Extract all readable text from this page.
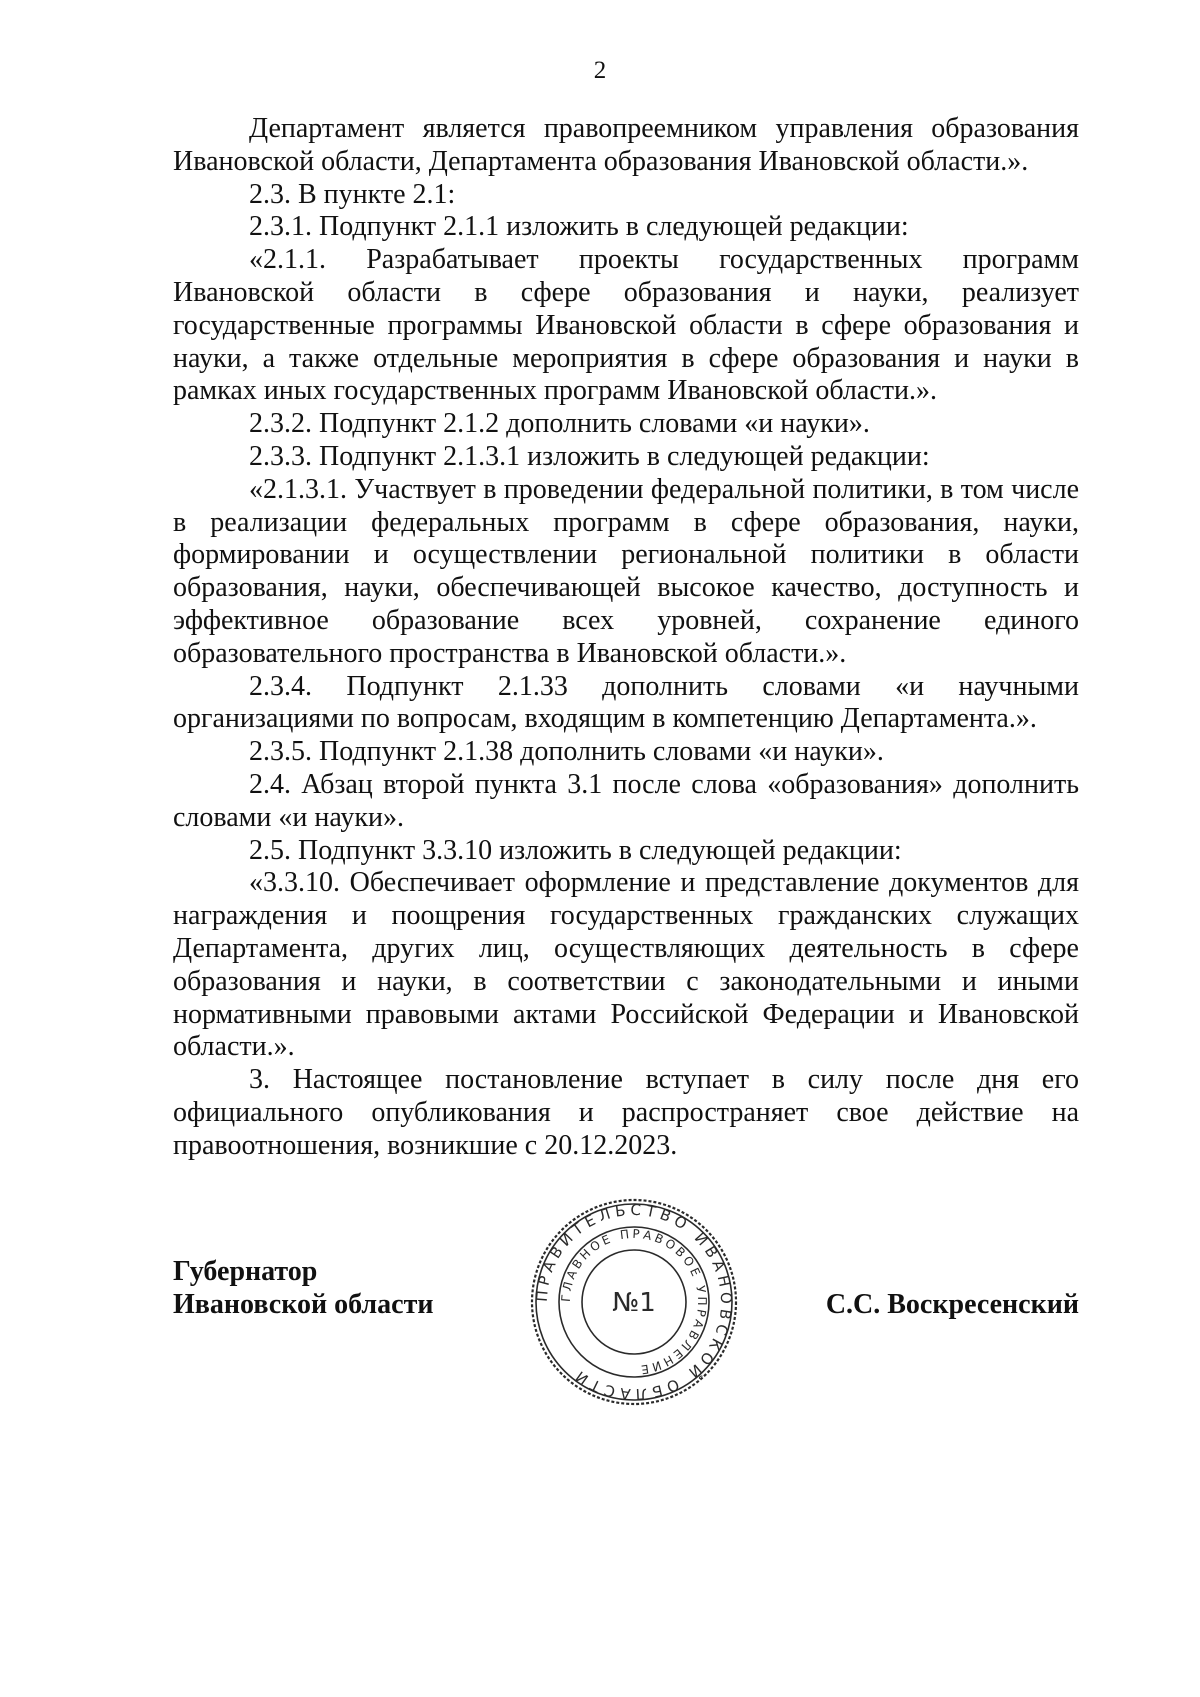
2

Департамент является правопреемником управления образования Ивановской области, Департамента образования Ивановской области.».

2.3. В пункте 2.1:

2.3.1. Подпункт 2.1.1 изложить в следующей редакции:

«2.1.1. Разрабатывает проекты государственных программ Ивановской области в сфере образования и науки, реализует государственные программы Ивановской области в сфере образования и науки, а также отдельные мероприятия в сфере образования и науки в рамках иных государственных программ Ивановской области.».

2.3.2. Подпункт 2.1.2 дополнить словами «и науки».

2.3.3. Подпункт 2.1.3.1 изложить в следующей редакции:

«2.1.3.1. Участвует в проведении федеральной политики, в том числе в реализации федеральных программ в сфере образования, науки, формировании и осуществлении региональной политики в области образования, науки, обеспечивающей высокое качество, доступность и эффективное образование всех уровней, сохранение единого образовательного пространства в Ивановской области.».

2.3.4. Подпункт 2.1.33 дополнить словами «и научными организациями по вопросам, входящим в компетенцию Департамента.».

2.3.5. Подпункт 2.1.38 дополнить словами «и науки».

2.4. Абзац второй пункта 3.1 после слова «образования» дополнить словами «и науки».

2.5. Подпункт 3.3.10 изложить в следующей редакции:

«3.3.10. Обеспечивает оформление и представление документов для награждения и поощрения государственных гражданских служащих Департамента, других лиц, осуществляющих деятельность в сфере образования и науки, в соответствии с законодательными и иными нормативными правовыми актами Российской Федерации и Ивановской области.».

3. Настоящее постановление вступает в силу после дня его официального опубликования и распространяет свое действие на правоотношения, возникшие с 20.12.2023.

Губернатор
Ивановской области	С.С. Воскресенский
ПРАВИТЕЛЬСТВО ИВАНОВСКОЙ ОБЛАСТИ
ГЛАВНОЕ ПРАВОВОЕ УПРАВЛЕНИЕ
№1
